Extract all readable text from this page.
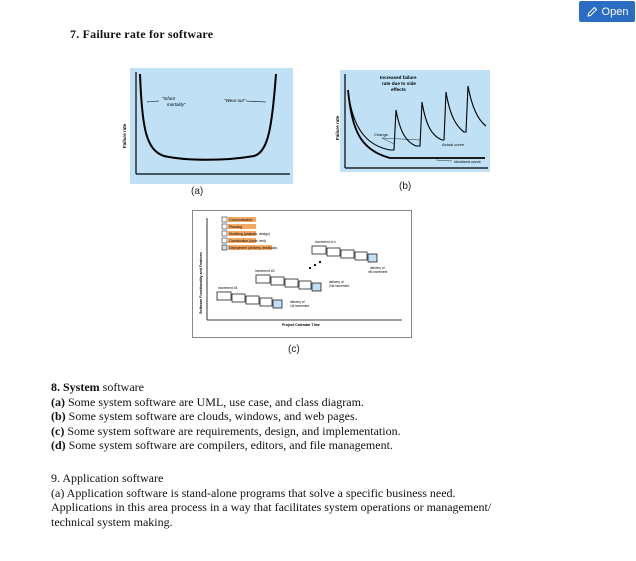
Open
7. Failure rate for software
Failure rate
"Infant
mortality"
"Wear out"
(a)
Failure rate
Increased failure
rate due to side
effects
Change
Actual curve
Idealized curve
(b)
Software Functionality and Features
Project Calendar Time
Communication
Planning
Modeling (analysis, design)
Construction (code, test)
Deployment (delivery, feedback)
increment #1
delivery of
1st increment
increment #2
delivery of
2nd increment
increment # n
delivery of
nth increment
(c)
8. System software
(a) Some system software are UML, use case, and class diagram.
(b) Some system software are clouds, windows, and web pages.
(c) Some system software are requirements, design, and implementation.
(d) Some system software are compilers, editors, and file management.
9. Application software
(a) Application software is stand-alone programs that solve a specific business need.
Applications in this area process in a way that facilitates system operations or management/
technical system making.
